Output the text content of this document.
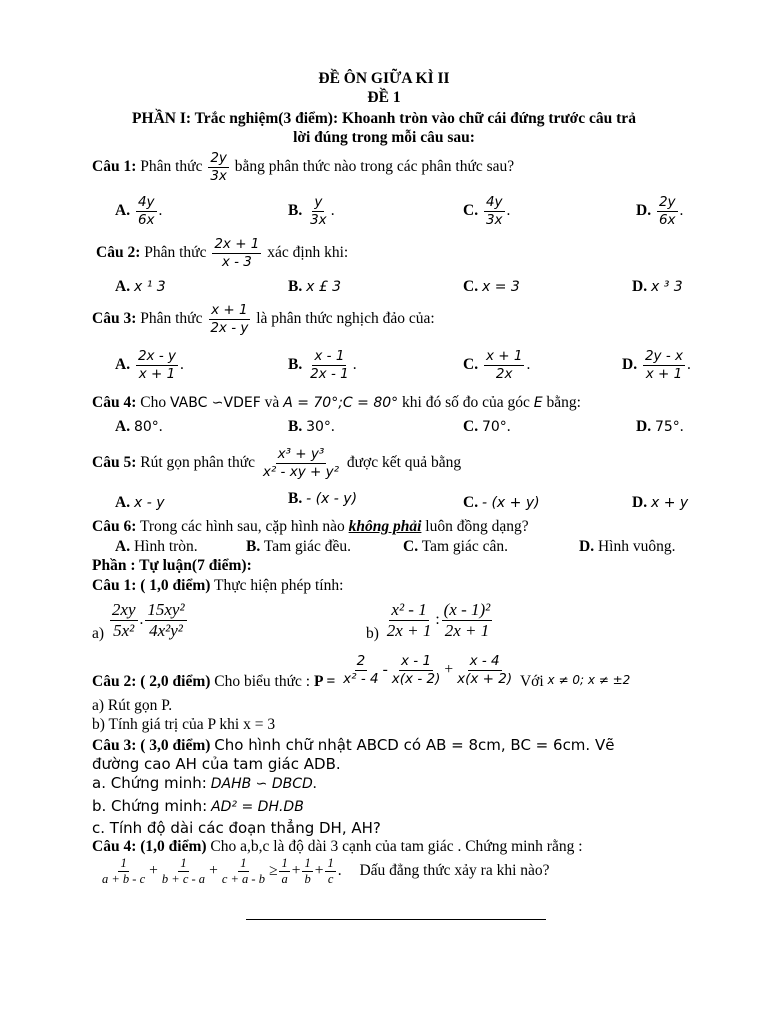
ĐỀ ÔN GIỮA KÌ II
ĐỀ 1
PHẦN I: Trắc nghiệm(3 điểm): Khoanh tròn vào chữ cái đứng trước câu trả
lời đúng trong mỗi câu sau:
Câu 1: Phân thức $\frac{2y}{3x}$ bằng phân thức nào trong các phân thức sau?
A. $\frac{4y}{6x}$ .	B. $\frac{y}{3x}$ .	C. $\frac{4y}{3x}$ .	D. $\frac{2y}{6x}$ .
Câu 2: Phân thức $\frac{2x + 1}{x - 3}$ xác định khi:
A. x ¹ 3	B. x £ 3	C. x = 3	D. x ³ 3
Câu 3: Phân thức $\frac{x + 1}{2x - y}$ là phân thức nghịch đảo của:
A. $\frac{2x - y}{x + 1}$ .	B. $\frac{x - 1}{2x - 1}$ .	C. $\frac{x + 1}{2x}$ .	D. $\frac{2y - x}{x + 1}$ .
Câu 4: Cho VABC ∽VDEF và A = 70°;C = 80° khi đó số đo của góc E bằng:
A. 80°.	B. 30°.	C. 70°.	D. 75°.
Câu 5: Rút gọn phân thức $\frac{\text{x³ + y³}}{\text{x² - xy + y²}}$ được kết quả bằng
A. x - y	B. - (x - y)	C. - (x + y)	D. x + y
Câu 6: Trong các hình sau, cặp hình nào không phải luôn đồng dạng?
A. Hình tròn.	B. Tam giác đều.	C. Tam giác cân.	D. Hình vuông.
Phần : Tự luận(7 điểm):
Câu 1: ( 1,0 điểm) Thực hiện phép tính:
$a) \frac{2xy}{\text{5x²}}$ . $\frac{\text{15xy²}}{\text{4x²y²}}$	$b) \frac{\text{x² - 1}}{2x + 1}$ : $\frac{\text{(x - 1)²}}{2x + 1}$
Câu 2: ( 2,0 điểm) Cho biểu thức : $P = \frac{2}{\text{x² - 4}} - \frac{x - 1}{x(x - 2)} + \frac{x - 4}{x(x + 2)}$ Với $_{x \ne 0; x \ne \pm 2}$
a) Rút gọn P.
b) Tính giá trị của P khi x = 3
Câu 3: ( 3,0 điểm) Cho hình chữ nhật ABCD có AB = 8cm, BC = 6cm. Vẽ
đường cao AH của tam giác ADB.
a. Chứng minh: DAHB ∽ DBCD.
b. Chứng minh: AD² = DH.DB
c. Tính độ dài các đoạn thẳng DH, AH?
Câu 4: (1,0 điểm) Cho a,b,c là độ dài 3 cạnh của tam giác . Chứng minh rằng :
$\frac{1}{a + b - c} + \frac{1}{b + c - a} + \frac{1}{c + a - b} \ge \frac{1}{a} + \frac{1}{b} + \frac{1}{c}$ . Dấu đẳng thức xảy ra khi nào?
